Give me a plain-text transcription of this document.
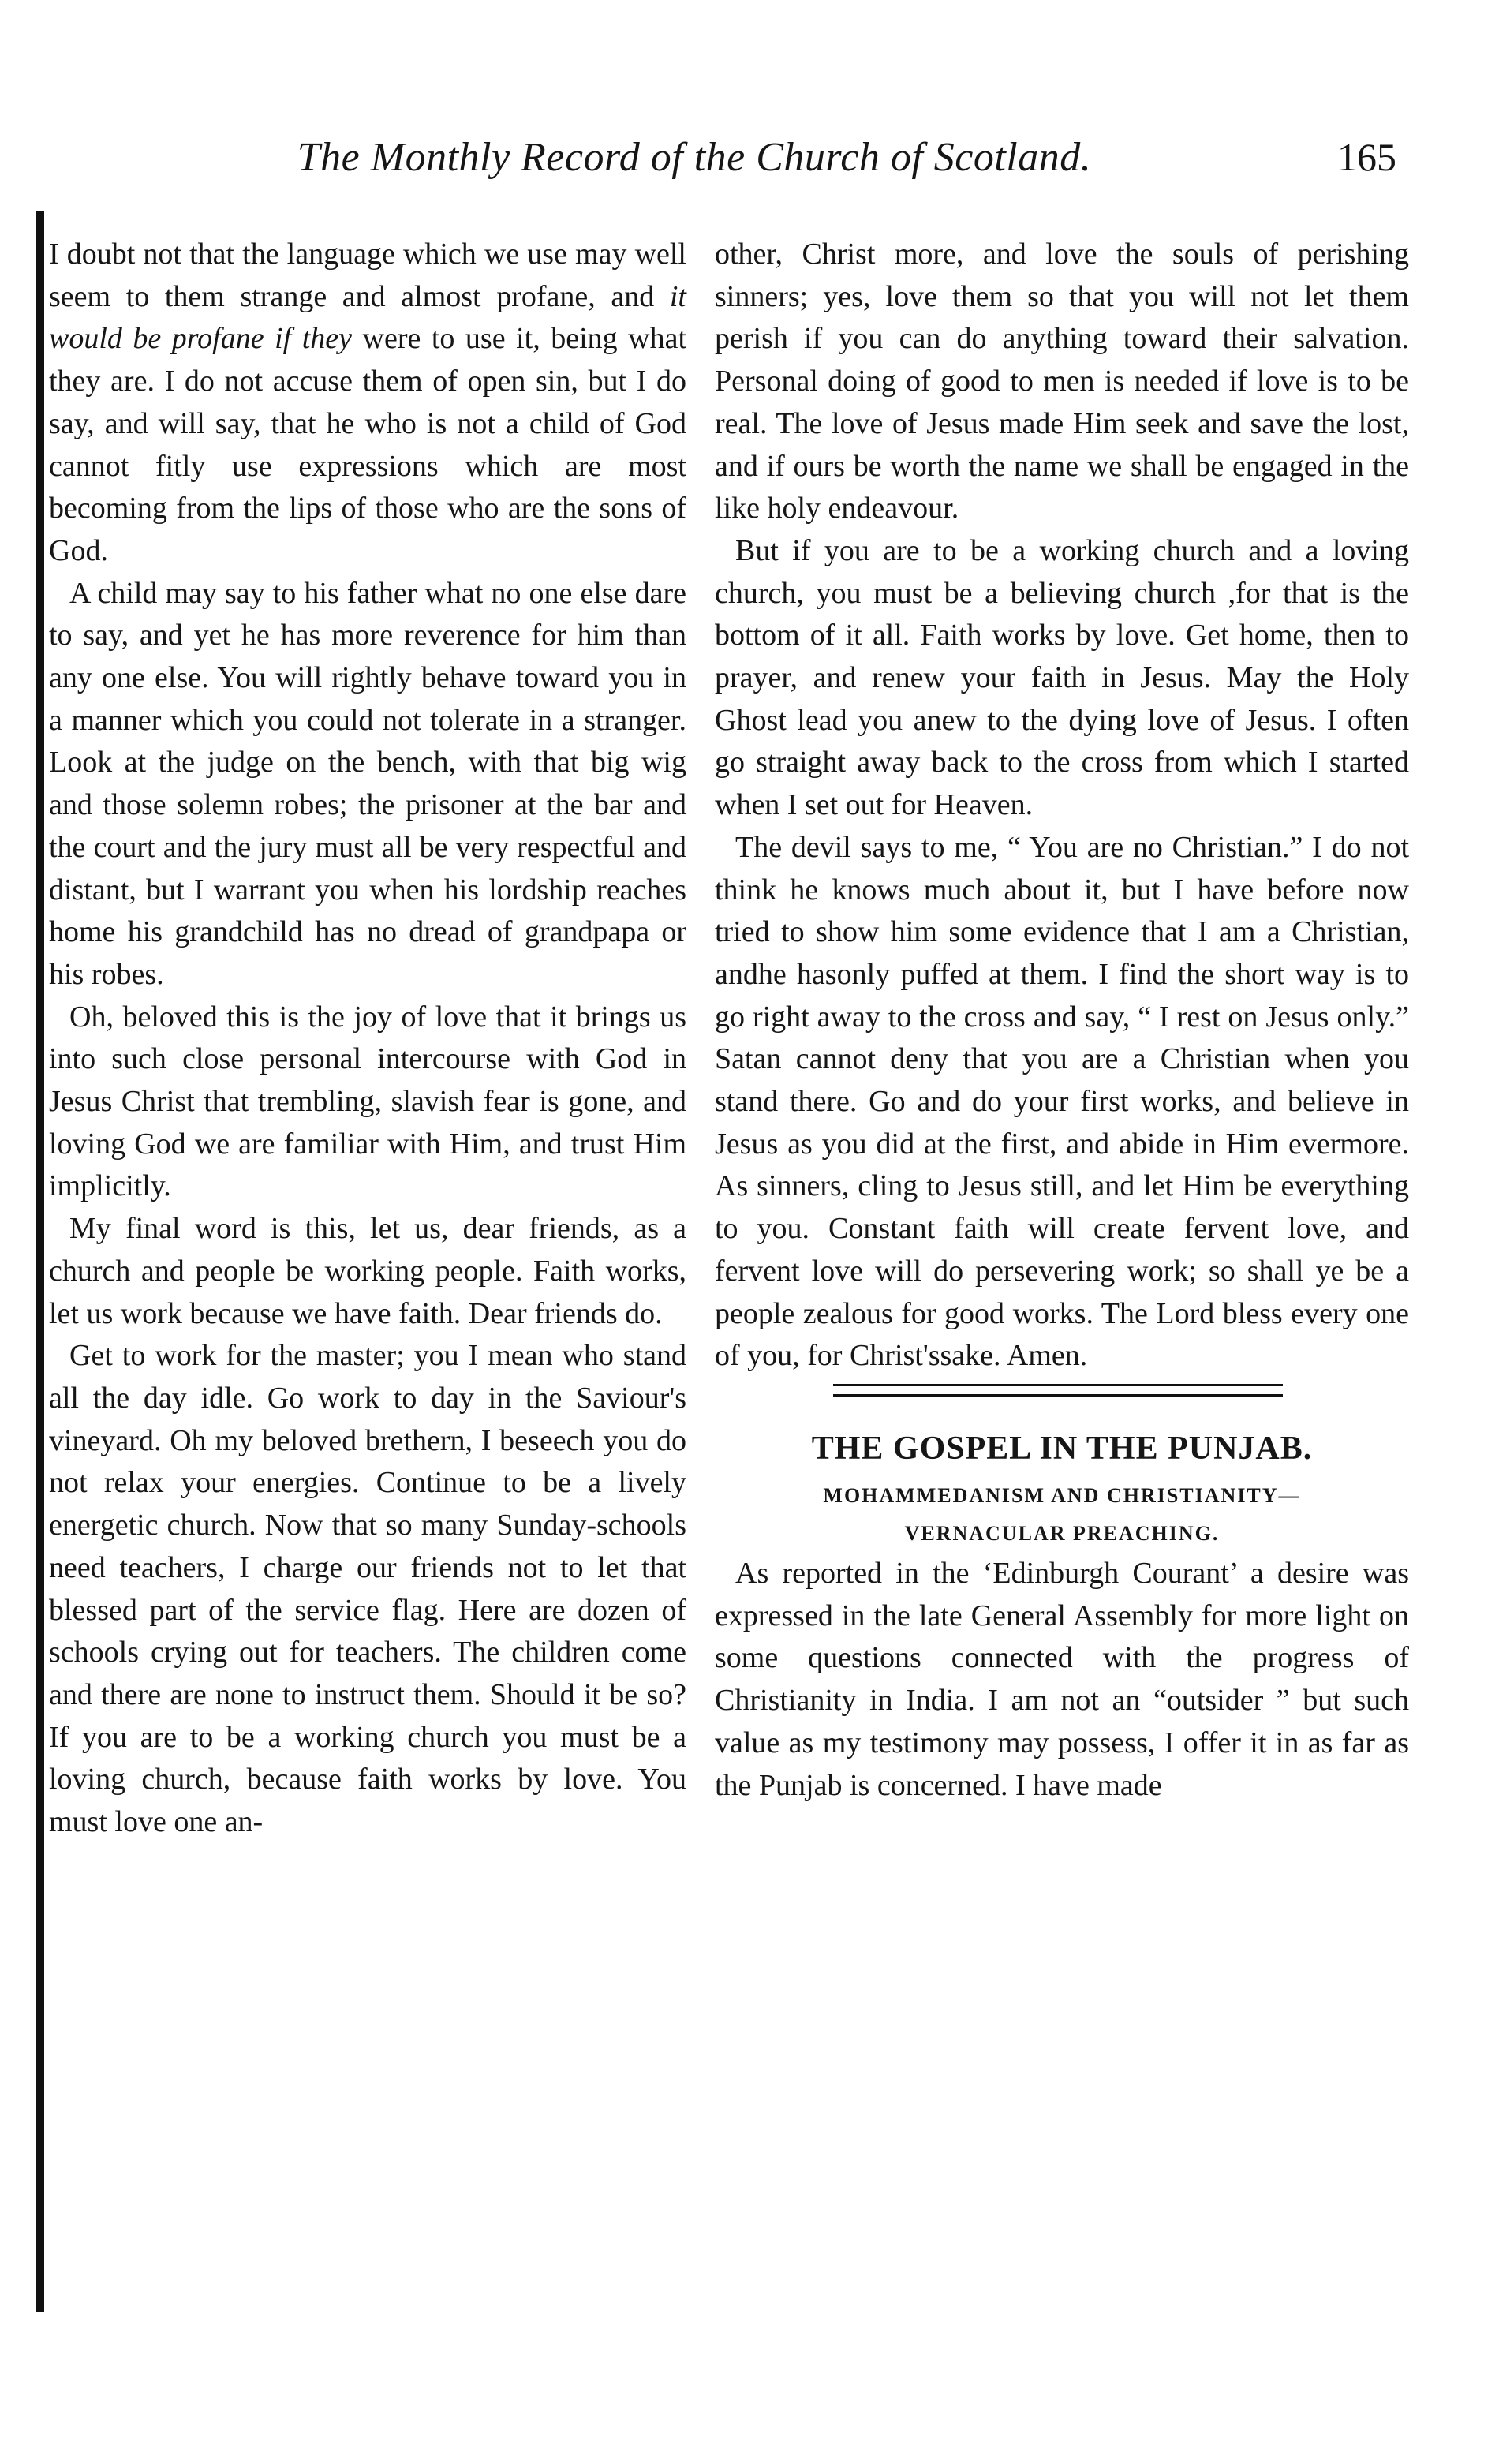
The Monthly Record of the Church of Scotland.	165

I doubt not that the language which we use may well seem to them strange and almost profane, and it would be profane if they were to use it, being what they are. I do not accuse them of open sin, but I do say, and will say, that he who is not a child of God cannot fitly use expressions which are most becoming from the lips of those who are the sons of God.

A child may say to his father what no one else dare to say, and yet he has more reverence for him than any one else. You will rightly behave toward you in a manner which you could not tolerate in a stranger. Look at the judge on the bench, with that big wig and those solemn robes; the prisoner at the bar and the court and the jury must all be very respectful and distant, but I warrant you when his lordship reaches home his grandchild has no dread of grandpapa or his robes.

Oh, beloved this is the joy of love that it brings us into such close personal intercourse with God in Jesus Christ that trembling, slavish fear is gone, and loving God we are familiar with Him, and trust Him implicitly.

My final word is this, let us, dear friends, as a church and people be working people. Faith works, let us work because we have faith. Dear friends do.

Get to work for the master; you I mean who stand all the day idle. Go work to day in the Saviour's vineyard. Oh my beloved brethern, I beseech you do not relax your energies. Continue to be a lively energetic church. Now that so many Sunday-schools need teachers, I charge our friends not to let that blessed part of the service flag. Here are dozen of schools crying out for teachers. The children come and there are none to instruct them. Should it be so? If you are to be a working church you must be a loving church, because faith works by love. You must love one an-

other, Christ more, and love the souls of perishing sinners; yes, love them so that you will not let them perish if you can do anything toward their salvation. Personal doing of good to men is needed if love is to be real. The love of Jesus made Him seek and save the lost, and if ours be worth the name we shall be engaged in the like holy endeavour.

But if you are to be a working church and a loving church, you must be a believing church ,for that is the bottom of it all. Faith works by love. Get home, then to prayer, and renew your faith in Jesus. May the Holy Ghost lead you anew to the dying love of Jesus. I often go straight away back to the cross from which I started when I set out for Heaven.

The devil says to me, “ You are no Christian.” I do not think he knows much about it, but I have before now tried to show him some evidence that I am a Christian, andhe hasonly puffed at them. I find the short way is to go right away to the cross and say, “ I rest on Jesus only.” Satan cannot deny that you are a Christian when you stand there. Go and do your first works, and believe in Jesus as you did at the first, and abide in Him evermore. As sinners, cling to Jesus still, and let Him be everything to you. Constant faith will create fervent love, and fervent love will do persevering work; so shall ye be a people zealous for good works. The Lord bless every one of you, for Christ'ssake. Amen.

THE GOSPEL IN THE PUNJAB.
MOHAMMEDANISM AND CHRISTIANITY—
VERNACULAR PREACHING.

As reported in the ‘Edinburgh Courant’ a desire was expressed in the late General Assembly for more light on some questions connected with the progress of Christianity in India. I am not an “outsider ” but such value as my testimony may possess, I offer it in as far as the Punjab is concerned. I have made
